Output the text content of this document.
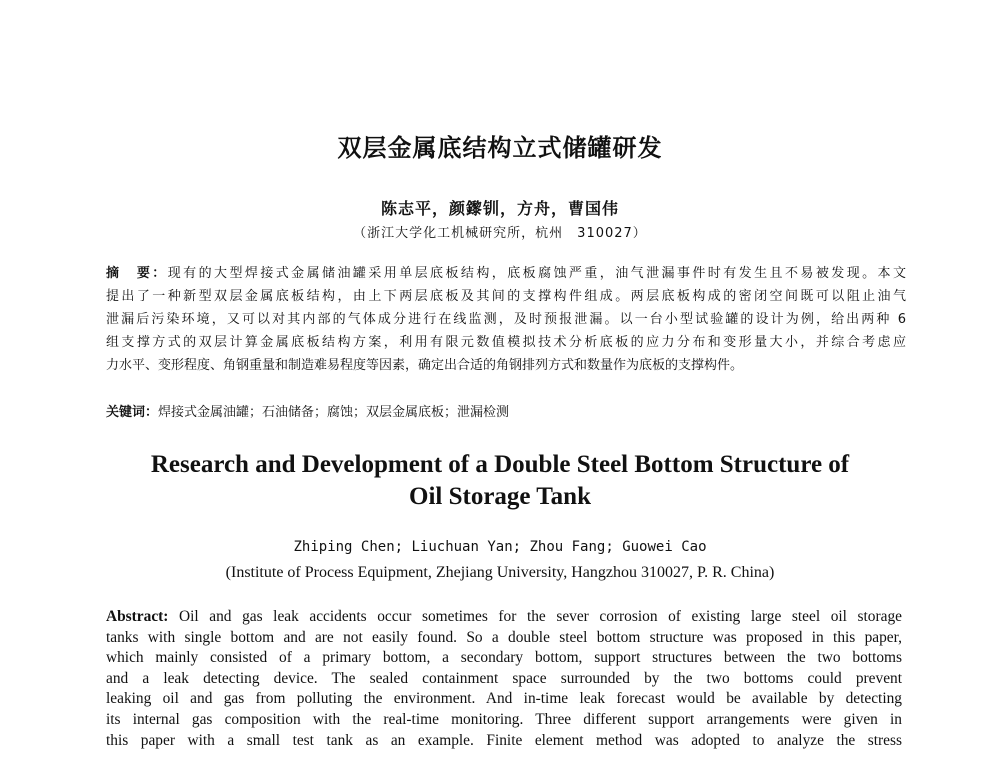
双层金属底结构立式储罐研发
陈志平，颜鑗钏，方舟，曹国伟
（浙江大学化工机械研究所，杭州　310027）
摘　要：现有的大型焊接式金属储油罐采用单层底板结构，底板腐蚀严重，油气泄漏事件时有发生且不易被发现。本文
提出了一种新型双层金属底板结构，由上下两层底板及其间的支撑构件组成。两层底板构成的密闭空间既可以阻止油气
泄漏后污染环境，又可以对其内部的气体成分进行在线监测，及时预报泄漏。以一台小型试验罐的设计为例，给出两种 6
组支撑方式的双层计算金属底板结构方案，利用有限元数值模拟技术分析底板的应力分布和变形量大小，并综合考虑应
力水平、变形程度、角钢重量和制造难易程度等因素，确定出合适的角钢排列方式和数量作为底板的支撑构件。
关键词：焊接式金属油罐；石油储备；腐蚀；双层金属底板；泄漏检测
Research and Development of a Double Steel Bottom Structure of
Oil Storage Tank
Zhiping Chen; Liuchuan Yan; Zhou Fang; Guowei Cao
(Institute of Process Equipment, Zhejiang University, Hangzhou 310027, P. R. China)
Abstract: Oil and gas leak accidents occur sometimes for the sever corrosion of existing large steel oil storage
tanks with single bottom and are not easily found. So a double steel bottom structure was proposed in this paper,
which mainly consisted of a primary bottom, a secondary bottom, support structures between the two bottoms
and a leak detecting device. The sealed containment space surrounded by the two bottoms could prevent
leaking oil and gas from polluting the environment. And in-time leak forecast would be available by detecting
its internal gas composition with the real-time monitoring. Three different support arrangements were given in
this paper with a small test tank as an example. Finite element method was adopted to analyze the stress
